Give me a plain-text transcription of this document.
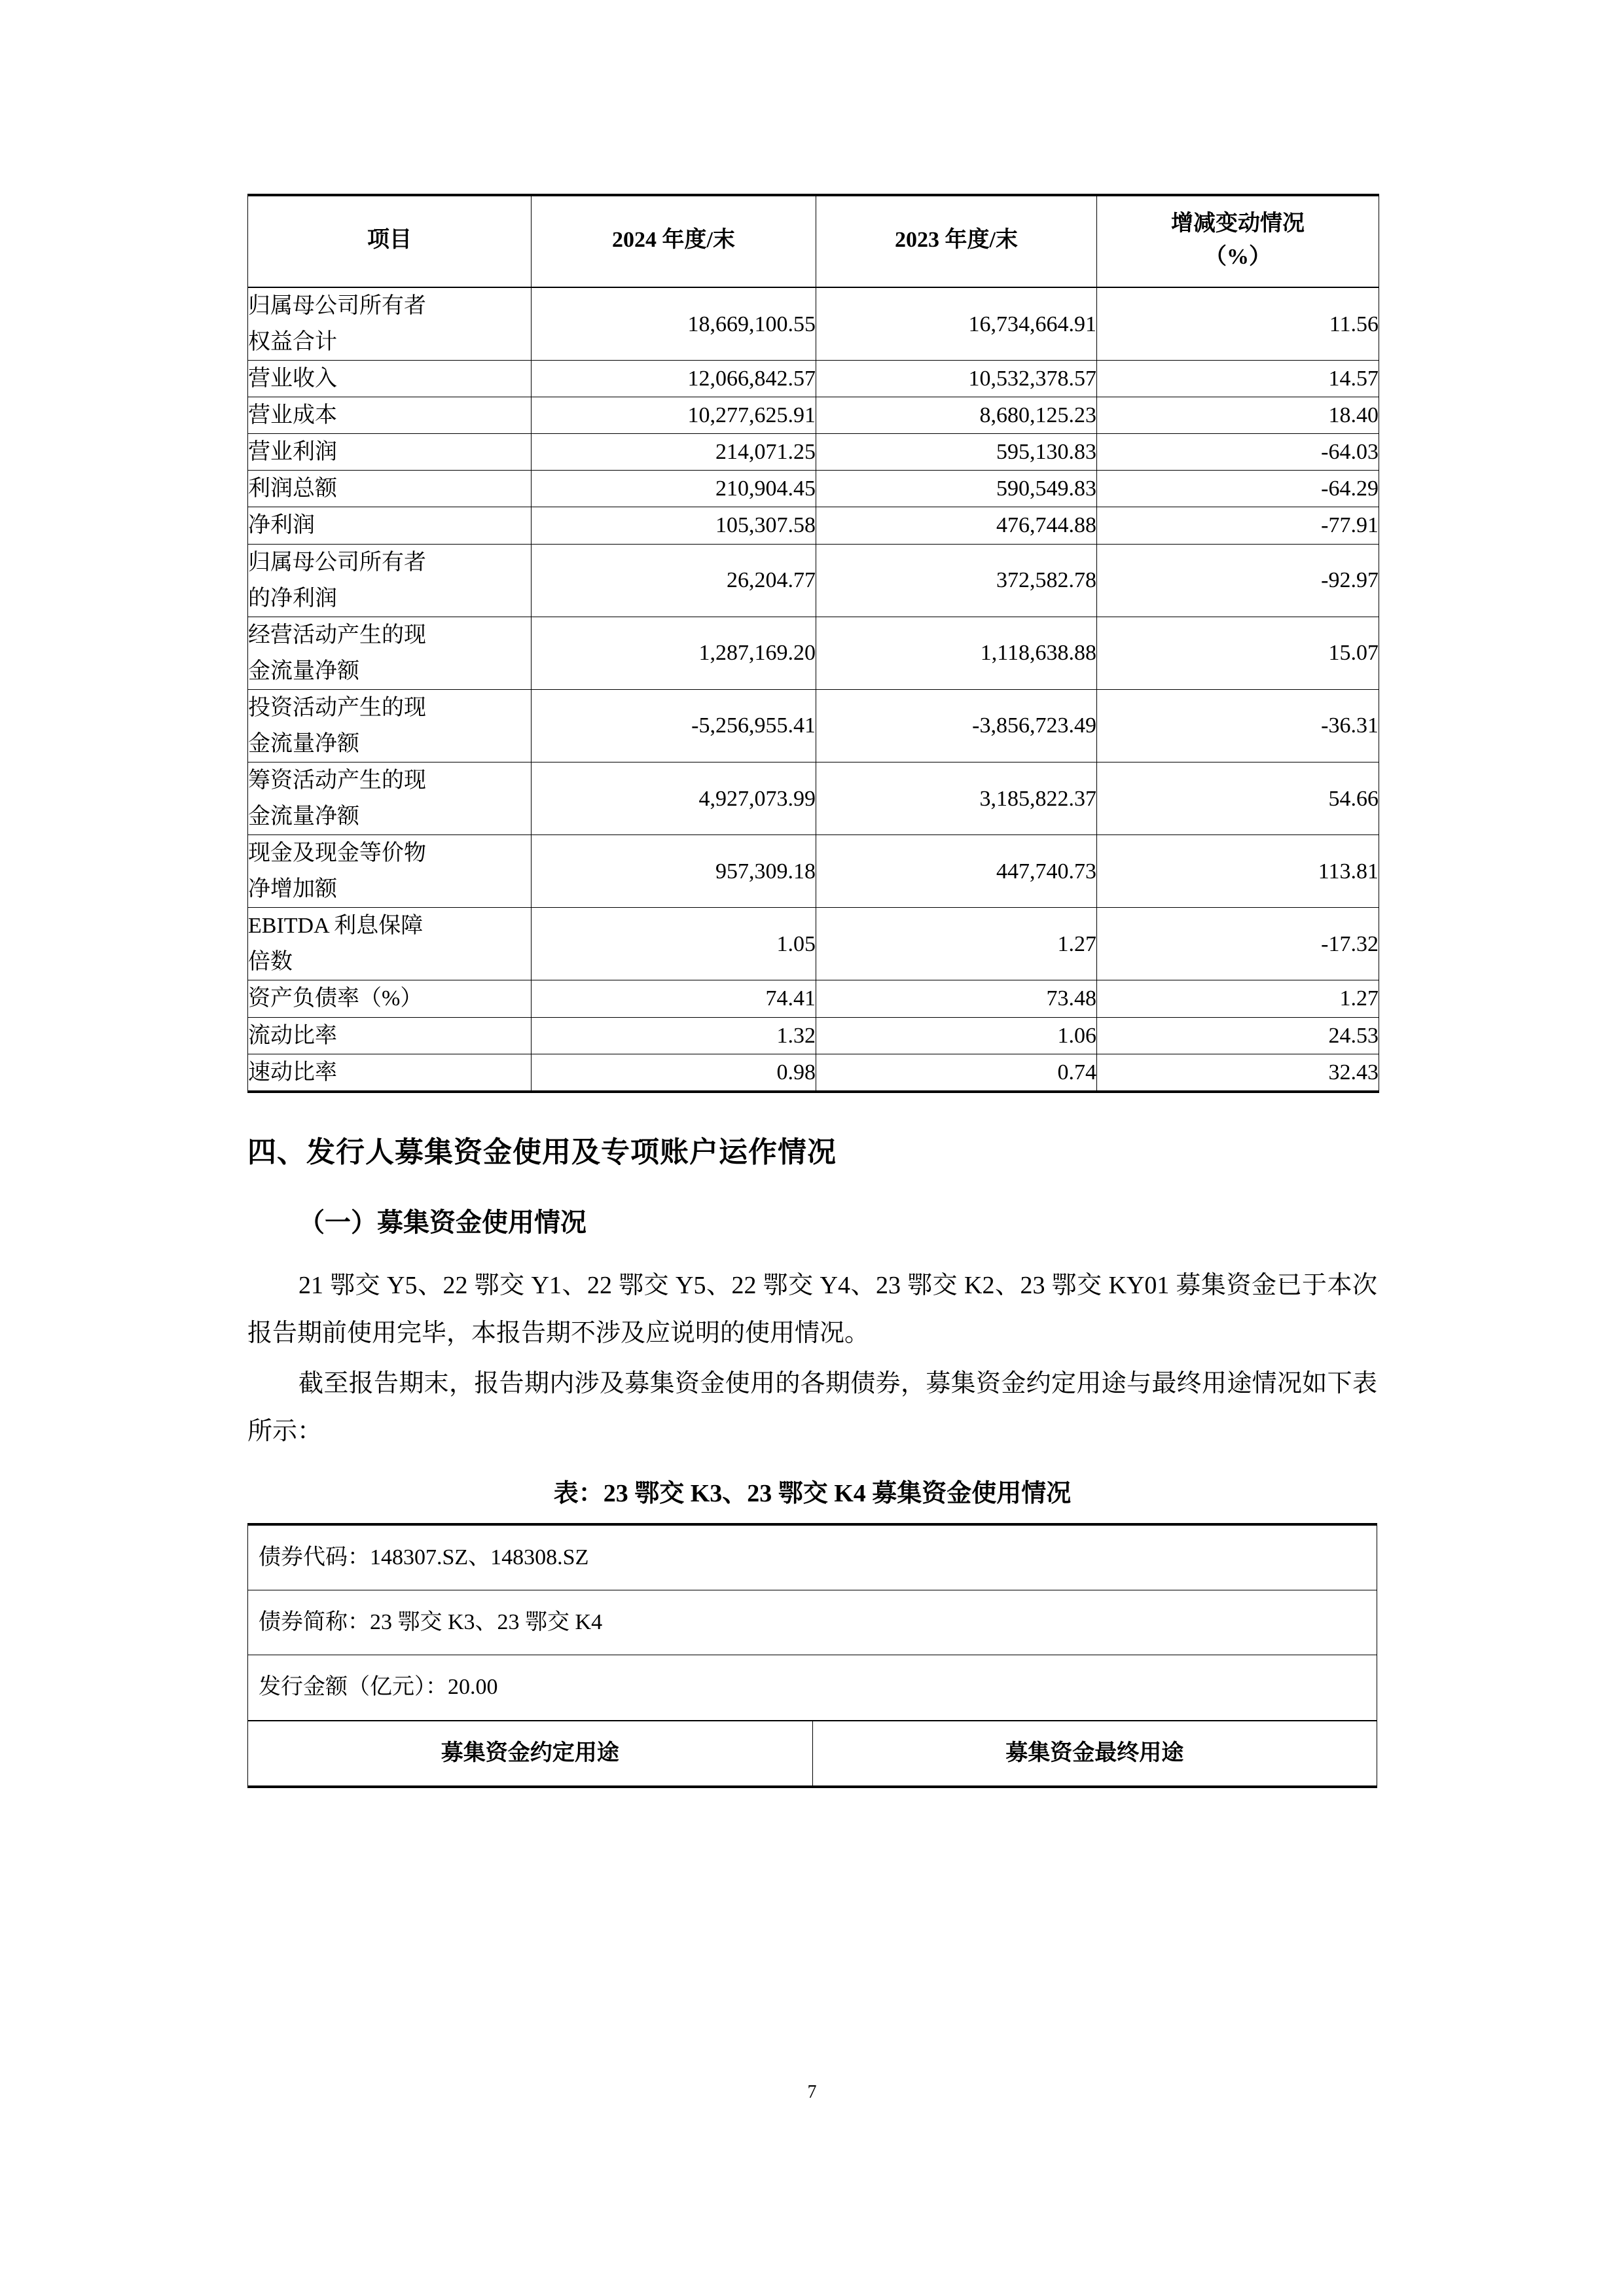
项目	2024 年度/末	2023 年度/末	增减变动情况
（%）

归属母公司所有者
权益合计	18,669,100.55	16,734,664.91	11.56
营业收入	12,066,842.57	10,532,378.57	14.57
营业成本	10,277,625.91	8,680,125.23	18.40
营业利润	214,071.25	595,130.83	-64.03
利润总额	210,904.45	590,549.83	-64.29
净利润	105,307.58	476,744.88	-77.91

归属母公司所有者
的净利润	26,204.77	372,582.78	-92.97

经营活动产生的现
金流量净额	1,287,169.20	1,118,638.88	15.07

投资活动产生的现
金流量净额	-5,256,955.41	-3,856,723.49	-36.31

筹资活动产生的现
金流量净额	4,927,073.99	3,185,822.37	54.66

现金及现金等价物
净增加额	957,309.18	447,740.73	113.81

EBITDA 利息保障
倍数	1.05	1.27	-17.32
资产负债率（%）	74.41	73.48	1.27
流动比率	1.32	1.06	24.53
速动比率	0.98	0.74	32.43
四、发行人募集资金使用及专项账户运作情况
（一）募集资金使用情况

21 鄂交 Y5、22 鄂交 Y1、22 鄂交 Y5、22 鄂交 Y4、23 鄂交 K2、23 鄂交 KY01 募集资金已于本次报告期前使用完毕，本报告期不涉及应说明的使用情况。

截至报告期末，报告期内涉及募集资金使用的各期债券，募集资金约定用途与最终用途情况如下表所示：

表：23 鄂交 K3、23 鄂交 K4 募集资金使用情况
债券代码：148307.SZ、148308.SZ
债券简称：23 鄂交 K3、23 鄂交 K4
发行金额（亿元）：20.00
募集资金约定用途	募集资金最终用途
7
